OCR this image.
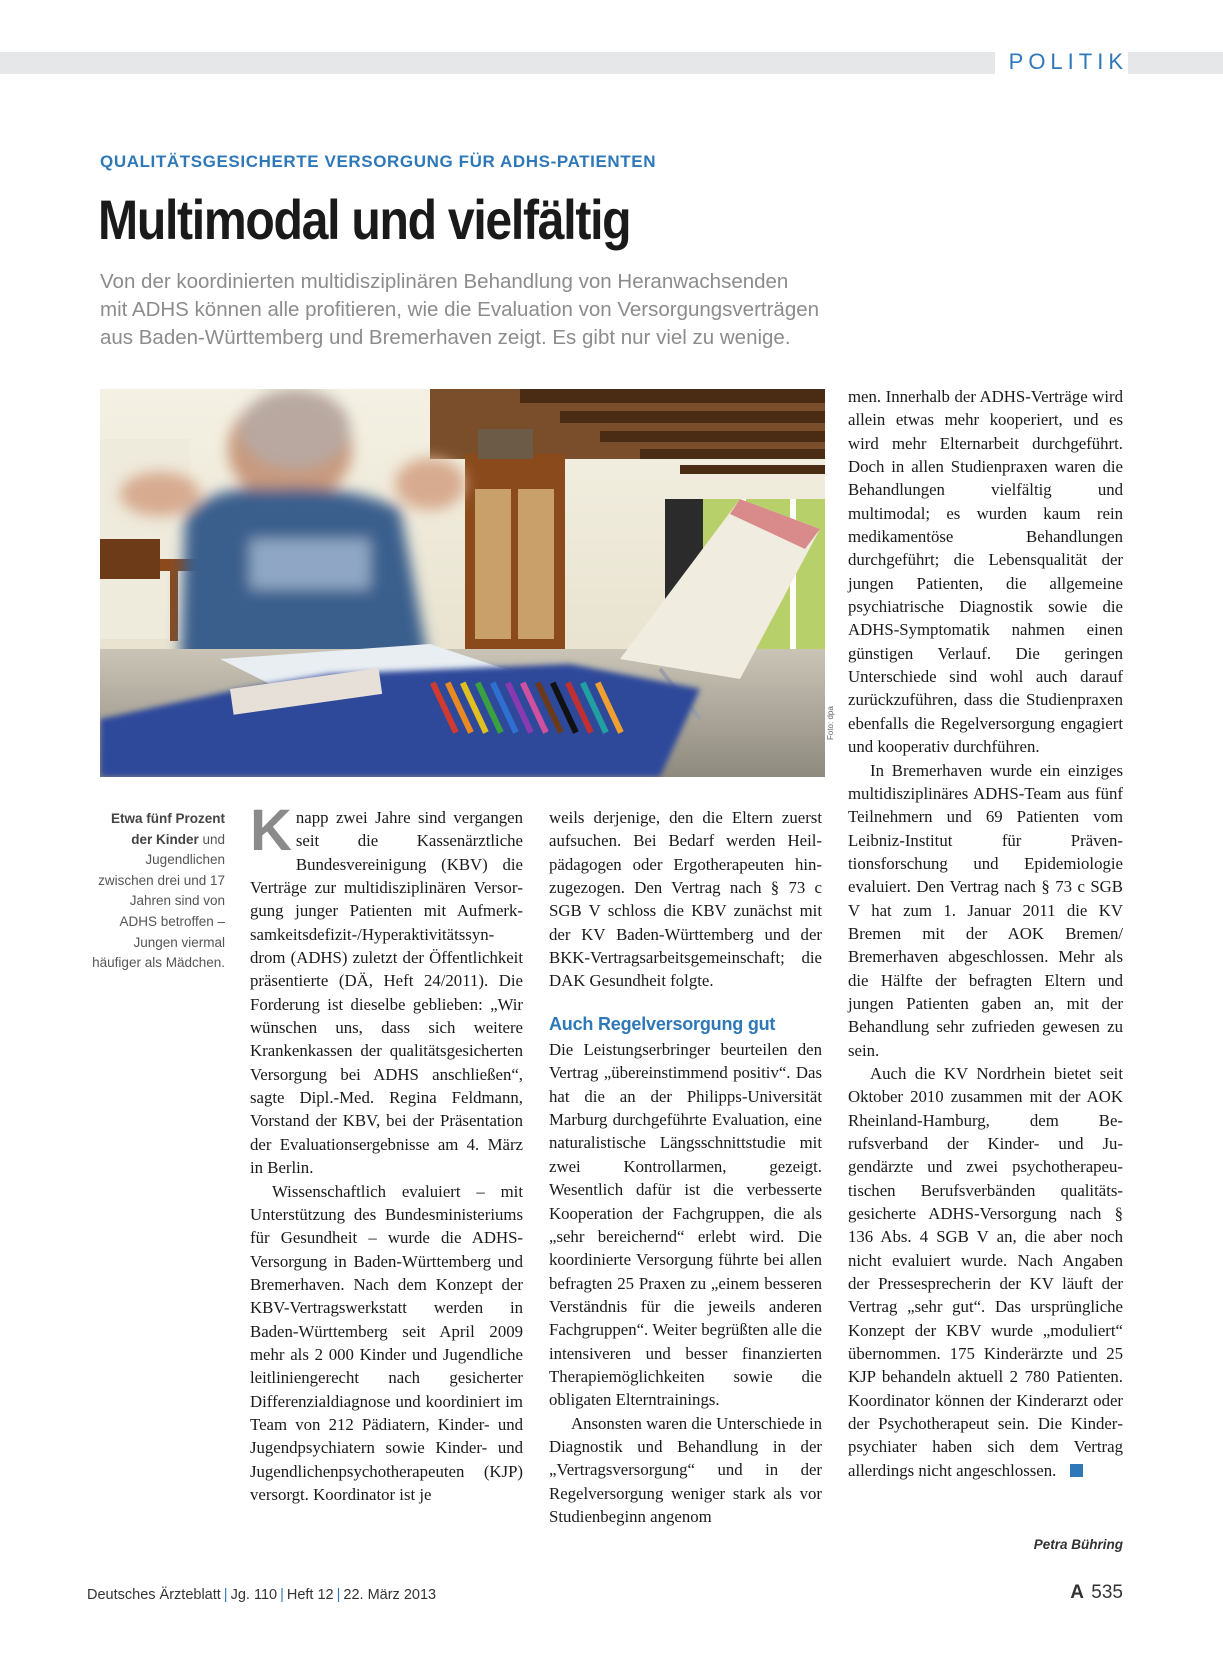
POLITIK
QUALITÄTSGESICHERTE VERSORGUNG FÜR ADHS-PATIENTEN
Multimodal und vielfältig
Von der koordinierten multidisziplinären Behandlung von Heranwachsenden
mit ADHS können alle profitieren, wie die Evaluation von Versorgungsverträgen
aus Baden-Württemberg und Bremerhaven zeigt. Es gibt nur viel zu wenige.
Foto: dpa
Etwa fünf Prozent der Kinder und Jugendlichen zwischen drei und 17 Jahren sind von ADHS betroffen – Jungen viermal häufiger als Mädchen.

Knapp zwei Jahre sind vergangen seit die Kassenärztliche Bundesvereinigung (KBV) die Verträge zur multidisziplinären Versorgung junger Patienten mit Aufmerksamkeitsdefizit-/Hyperaktivitätssyndrom (ADHS) zuletzt der Öffentlichkeit präsentierte (DÄ, Heft 24/2011). Die Forderung ist dieselbe geblieben: „Wir wünschen uns, dass sich weitere Krankenkassen der qualitätsgesicherten Versorgung bei ADHS anschließen“, sagte Dipl.-Med. Regina Feldmann, Vorstand der KBV, bei der Präsentation der Evaluationsergebnisse am 4. März in Berlin.

Wissenschaftlich evaluiert – mit Unterstützung des Bundesministeriums für Gesundheit – wurde die ADHS-Versorgung in Baden-Württemberg und Bremerhaven. Nach dem Konzept der KBV-Vertragswerkstatt werden in Baden-Württemberg seit April 2009 mehr als 2 000 Kinder und Jugendliche leitliniengerecht nach gesicherter Differenzialdiagnose und koordiniert im Team von 212 Pädiatern, Kinder- und Jugendpsychiatern sowie Kinder- und Jugendlichenpsychotherapeuten (KJP) versorgt. Koordinator ist je

weils derjenige, den die Eltern zuerst aufsuchen. Bei Bedarf werden Heilpädagogen oder Ergotherapeuten hinzugezogen. Den Vertrag nach § 73 c SGB V schloss die KBV zunächst mit der KV Baden-Württemberg und der BKK-Vertragsarbeitsgemeinschaft; die DAK Gesundheit folgte.

Auch Regelversorgung gut

Die Leistungserbringer beurteilen den Vertrag „übereinstimmend positiv“. Das hat die an der Philipps-Universität Marburg durchgeführte Evaluation, eine naturalistische Längsschnittstudie mit zwei Kontrollarmen, gezeigt. Wesentlich dafür ist die verbesserte Kooperation der Fachgruppen, die als „sehr bereichernd“ erlebt wird. Die koordinierte Versorgung führte bei allen befragten 25 Praxen zu „einem besseren Verständnis für die jeweils anderen Fachgruppen“. Weiter begrüßten alle die intensiveren und besser finanzierten Therapiemöglichkeiten sowie die obligaten Elterntrainings.

Ansonsten waren die Unterschiede in Diagnostik und Behandlung in der „Vertragsversorgung“ und in der Regelversorgung weniger stark als vor Studienbeginn angenom

men. Innerhalb der ADHS-Verträge wird allein etwas mehr kooperiert, und es wird mehr Elternarbeit durchgeführt. Doch in allen Studienpraxen waren die Behandlungen vielfältig und multimodal; es wurden kaum rein medikamentöse Behandlungen durchgeführt; die Lebensqualität der jungen Patienten, die allgemeine psychiatrische Diagnostik sowie die ADHS-Symptomatik nahmen einen günstigen Verlauf. Die geringen Unterschiede sind wohl auch darauf zurückzuführen, dass die Studienpraxen ebenfalls die Regelversorgung engagiert und kooperativ durchführen.

In Bremerhaven wurde ein einziges multidisziplinäres ADHS-Team aus fünf Teilnehmern und 69 Patienten vom Leibniz-Institut für Präventionsforschung und Epidemiologie evaluiert. Den Vertrag nach § 73 c SGB V hat zum 1. Januar 2011 die KV Bremen mit der AOK Bremen/ Bremerhaven abgeschlossen. Mehr als die Hälfte der befragten Eltern und jungen Patienten gaben an, mit der Behandlung sehr zufrieden gewesen zu sein.

Auch die KV Nordrhein bietet seit Oktober 2010 zusammen mit der AOK Rheinland-Hamburg, dem Berufsverband der Kinder- und Jugendärzte und zwei psychotherapeutischen Berufsverbänden qualitätsgesicherte ADHS-Versorgung nach § 136 Abs. 4 SGB V an, die aber noch nicht evaluiert wurde. Nach Angaben der Pressesprecherin der KV läuft der Vertrag „sehr gut“. Das ursprüngliche Konzept der KBV wurde „moduliert“ übernommen. 175 Kinderärzte und 25 KJP behandeln aktuell 2 780 Patienten. Koordinator können der Kinderarzt oder der Psychotherapeut sein. Die Kinderpsychiater haben sich dem Vertrag allerdings nicht angeschlossen.

Petra Bühring
Deutsches Ärzteblatt | Jg. 110 | Heft 12 | 22. März 2013	A 535
